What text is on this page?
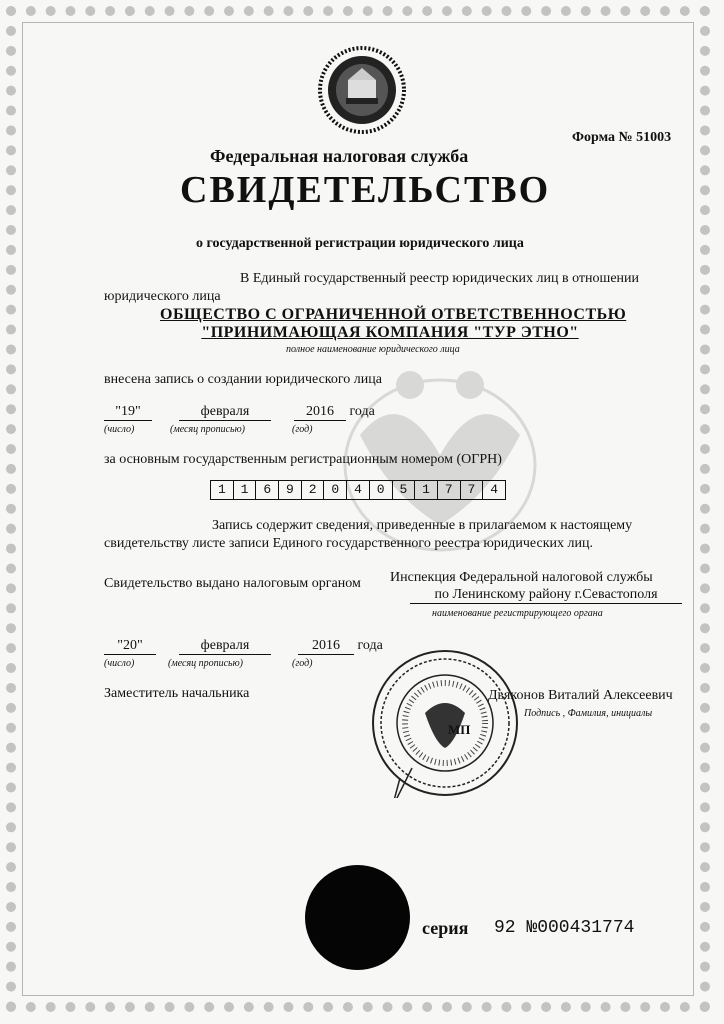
Форма № 51003
Федеральная налоговая служба
СВИДЕТЕЛЬСТВО
о государственной регистрации юридического лица
В Единый государственный реестр юридических лиц в отношении
юридического лица
ОБЩЕСТВО С ОГРАНИЧЕННОЙ ОТВЕТСТВЕННОСТЬЮ
"ПРИНИМАЮЩАЯ КОМПАНИЯ "ТУР ЭТНО"
полное наименование юридического лица
внесена запись о создании юридического лица
"19"	февраля	2016 года
(число)	(месяц прописью)	(год)
за основным государственным регистрационным номером (ОГРН)
1	1	6	9	2	0	4	0	5	1	7	7	4
Запись содержит сведения, приведенные в прилагаемом к настоящему
свидетельству листе записи Единого государственного реестра юридических лиц.
Свидетельство выдано налоговым органом Инспекция Федеральной налоговой службы
по Ленинскому району г.Севастополя
наименование регистрирующего органа
"20"	февраля	2016 года
(число)	(месяц прописью)	(год)
Заместитель начальника
МП
Дьяконов Виталий Алексеевич
Подпись , Фамилия, инициалы
серия 92 №000431774
